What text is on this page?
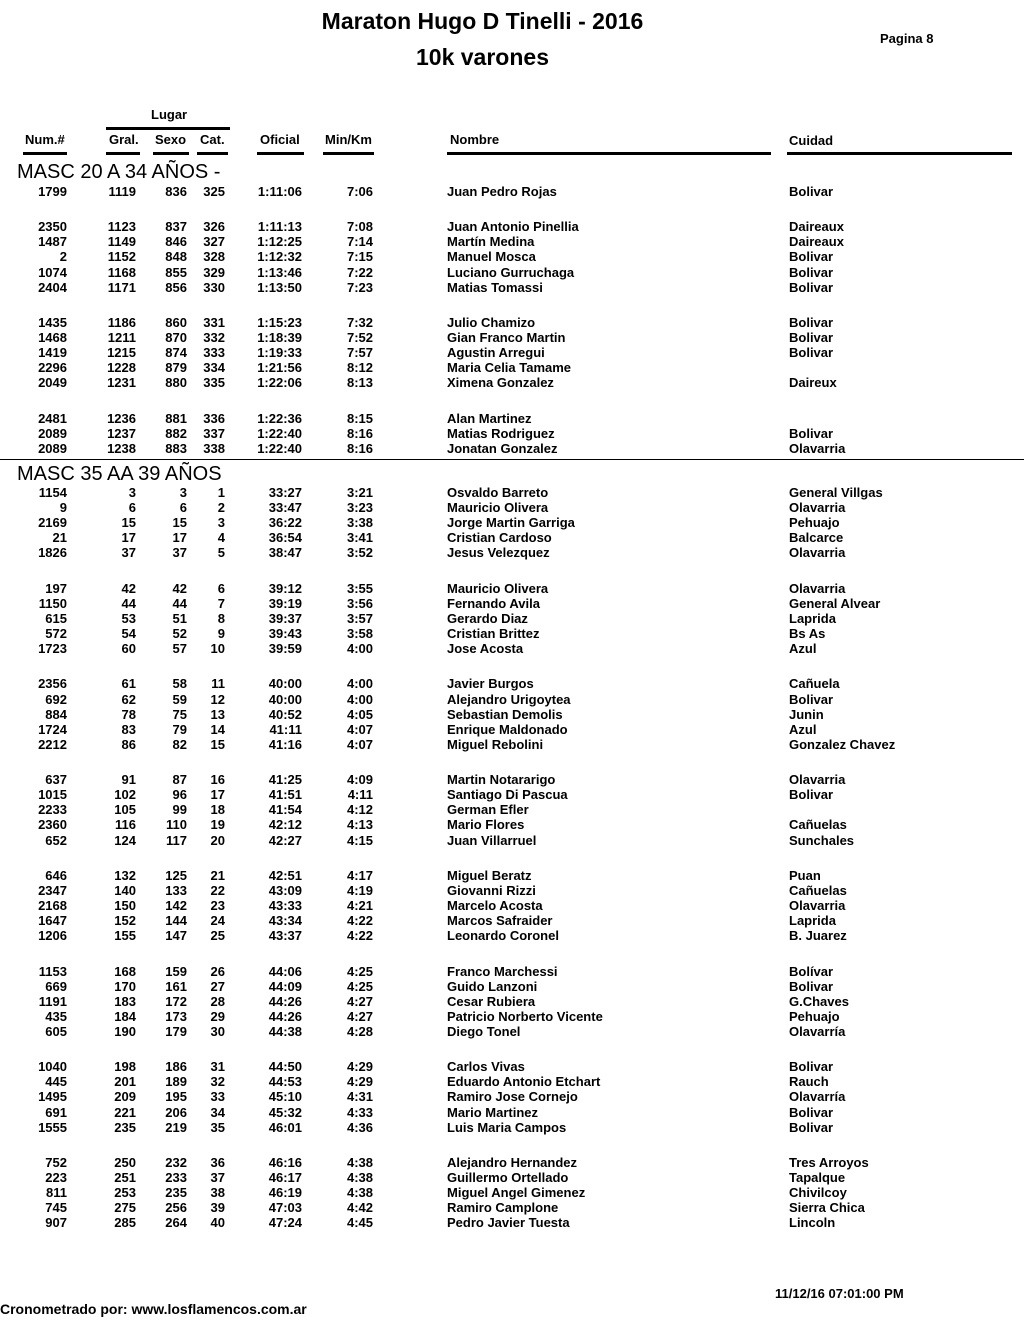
Maraton Hugo D Tinelli - 2016
10k varones
Pagina 8
Lugar
Num.#	Gral. Sexo Cat.	Oficial Min/Km	Nombre	Cuidad
MASC 20 A 34 AÑOS -
1799	1119 836 325	1:11:06	7:06	Juan Pedro Rojas	Bolivar
2350	1123 837 326	1:11:13	7:08	Juan Antonio Pinellia	Daireaux
1487	1149 846 327 1:12:25	7:14	Martín Medina	Daireaux
2	1152 848 328 1:12:32	7:15	Manuel Mosca	Bolivar
1074	1168 855 329 1:13:46	7:22	Luciano Gurruchaga	Bolivar
2404	1171 856 330 1:13:50	7:23	Matias Tomassi	Bolivar
1435	1186 860 331 1:15:23	7:32	Julio Chamizo	Bolivar
1468	1211 870 332 1:18:39	7:52	Gian Franco Martin	Bolivar
1419	1215 874 333 1:19:33	7:57	Agustin Arregui	Bolivar
2296	1228 879 334 1:21:56	8:12	Maria Celia Tamame
2049	1231 880 335 1:22:06	8:13	Ximena Gonzalez	Daireux
2481	1236 881 336 1:22:36	8:15	Alan Martinez
2089	1237 882 337 1:22:40	8:16	Matias Rodriguez	Bolivar
2089	1238 883 338 1:22:40	8:16	Jonatan Gonzalez	Olavarria
MASC 35 AA 39 AÑOS
1154	3	3 1	33:27	3:21	Osvaldo Barreto	General Villgas
9	6	6 2	33:47	3:23	Mauricio Olivera	Olavarria
2169	15	15 3	36:22	3:38	Jorge Martin Garriga	Pehuajo
21	17	17 4	36:54	3:41	Cristian Cardoso	Balcarce
1826	37	37 5	38:47	3:52	Jesus Velezquez	Olavarria
197	42	42 6	39:12	3:55	Mauricio Olivera	Olavarria
1150	44	44 7	39:19	3:56	Fernando Avila	General Alvear
615	53	51 8	39:37	3:57	Gerardo Diaz	Laprida
572	54	52 9	39:43	3:58	Cristian Brittez	Bs As
1723	60	57 10	39:59	4:00	Jose Acosta	Azul
2356	61	58 11	40:00	4:00	Javier Burgos	Cañuela
692	62	59 12	40:00	4:00	Alejandro Urigoytea	Bolivar
884	78	75 13	40:52	4:05	Sebastian Demolis	Junin
1724	83	79 14	41:11	4:07	Enrique Maldonado	Azul
2212	86	82 15	41:16	4:07	Miguel Rebolini	Gonzalez Chavez
637	91	87 16	41:25	4:09	Martin Notararigo	Olavarria
1015	102	96 17	41:51	4:11	Santiago Di Pascua	Bolivar
2233	105	99 18	41:54	4:12	German Efler
2360	116 110 19	42:12	4:13	Mario Flores	Cañuelas
652	124 117 20	42:27	4:15	Juan Villarruel	Sunchales
646	132 125 21	42:51	4:17	Miguel Beratz	Puan
2347	140 133 22	43:09	4:19	Giovanni Rizzi	Cañuelas
2168	150 142 23	43:33	4:21	Marcelo Acosta	Olavarria
1647	152 144 24	43:34	4:22	Marcos Safraider	Laprida
1206	155 147 25	43:37	4:22	Leonardo Coronel	B. Juarez
1153	168 159 26	44:06	4:25	Franco Marchessi	Bolívar
669	170 161 27	44:09	4:25	Guido Lanzoni	Bolivar
1191	183 172 28	44:26	4:27	Cesar Rubiera	G.Chaves
435	184 173 29	44:26	4:27	Patricio Norberto Vicente	Pehuajo
605	190 179 30	44:38	4:28	Diego Tonel	Olavarría
1040	198 186 31	44:50	4:29	Carlos Vivas	Bolivar
445	201 189 32	44:53	4:29	Eduardo Antonio Etchart	Rauch
1495	209 195 33	45:10	4:31	Ramiro Jose Cornejo	Olavarría
691	221 206 34	45:32	4:33	Mario Martinez	Bolivar
1555	235 219 35	46:01	4:36	Luis Maria Campos	Bolivar
752	250 232 36	46:16	4:38	Alejandro Hernandez	Tres Arroyos
223	251 233 37	46:17	4:38	Guillermo Ortellado	Tapalque
811	253 235 38	46:19	4:38	Miguel Angel Gimenez	Chivilcoy
745	275 256 39	47:03	4:42	Ramiro Camplone	Sierra Chica
907	285 264 40	47:24	4:45	Pedro Javier Tuesta	Lincoln
Cronometrado por: www.losflamencos.com.ar
11/12/16 07:01:00 PM
